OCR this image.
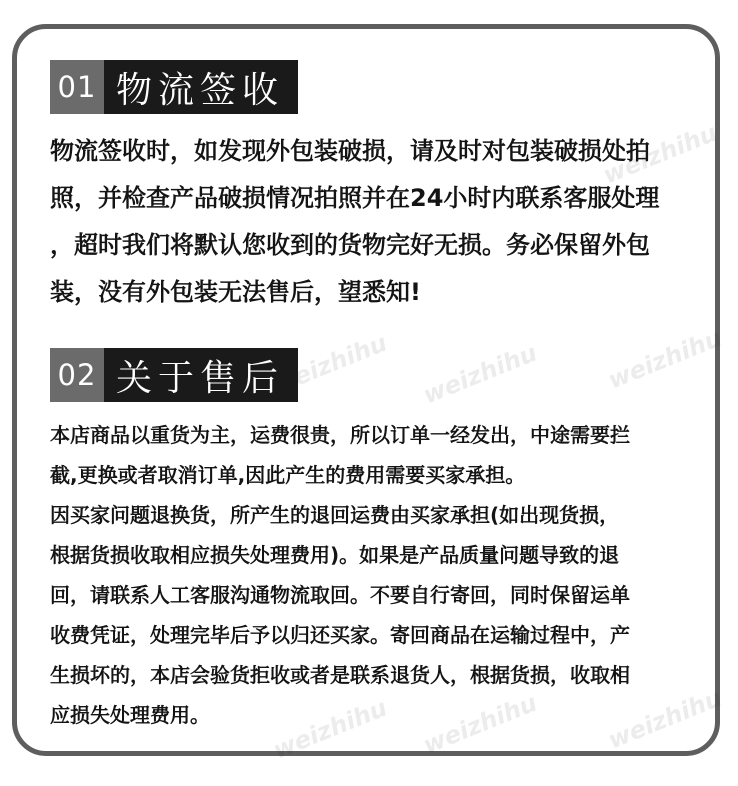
01 物流签收
物流签收时，如发现外包装破损，请及时对包装破损处拍
照，并检查产品破损情况拍照并在24小时内联系客服处理
，超时我们将默认您收到的货物完好无损。务必保留外包
装，没有外包装无法售后，望悉知!
02 关于售后
本店商品以重货为主，运费很贵，所以订单一经发出，中途需要拦
截,更换或者取消订单,因此产生的费用需要买家承担。
因买家问题退换货，所产生的退回运费由买家承担(如出现货损，
根据货损收取相应损失处理费用)。如果是产品质量问题导致的退
回，请联系人工客服沟通物流取回。不要自行寄回，同时保留运单
收费凭证，处理完毕后予以归还买家。寄回商品在运输过程中，产
生损坏的，本店会验货拒收或者是联系退货人，根据货损，收取相
应损失处理费用。
